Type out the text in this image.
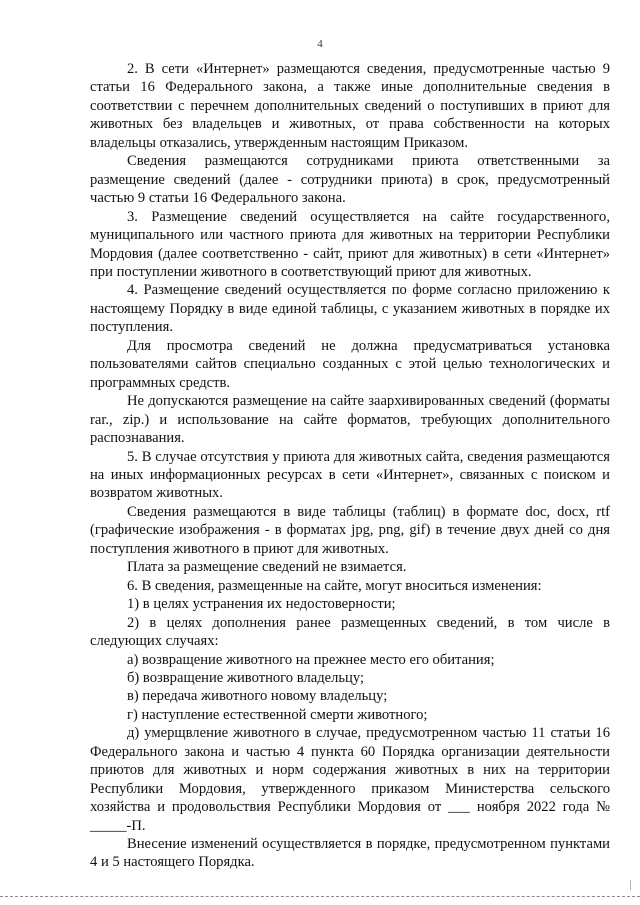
4

2. В сети «Интернет» размещаются сведения, предусмотренные частью 9 статьи 16 Федерального закона, а также иные дополнительные сведения в соответствии с перечнем дополнительных сведений о поступивших в приют для животных без владельцев и животных, от права собственности на которых владельцы отказались, утвержденным настоящим Приказом.

Сведения размещаются сотрудниками приюта ответственными за размещение сведений (далее - сотрудники приюта) в срок, предусмотренный частью 9 статьи 16 Федерального закона.

3. Размещение сведений осуществляется на сайте государственного, муниципального или частного приюта для животных на территории Республики Мордовия (далее соответственно - сайт, приют для животных) в сети «Интернет» при поступлении животного в соответствующий приют для животных.

4. Размещение сведений осуществляется по форме согласно приложению к настоящему Порядку в виде единой таблицы, с указанием животных в порядке их поступления.

Для просмотра сведений не должна предусматриваться установка пользователями сайтов специально созданных с этой целью технологических и программных средств.

Не допускаются размещение на сайте заархивированных сведений (форматы rar., zip.) и использование на сайте форматов, требующих дополнительного распознавания.

5. В случае отсутствия у приюта для животных сайта, сведения размещаются на иных информационных ресурсах в сети «Интернет», связанных с поиском и возвратом животных.

Сведения размещаются в виде таблицы (таблиц) в формате doc, docx, rtf (графические изображения - в форматах jpg, png, gif) в течение двух дней со дня поступления животного в приют для животных.

Плата за размещение сведений не взимается.

6. В сведения, размещенные на сайте, могут вноситься изменения:

1) в целях устранения их недостоверности;

2) в целях дополнения ранее размещенных сведений, в том числе в следующих случаях:

а) возвращение животного на прежнее место его обитания;

б) возвращение животного владельцу;

в) передача животного новому владельцу;

г) наступление естественной смерти животного;

д) умерщвление животного в случае, предусмотренном частью 11 статьи 16 Федерального закона и частью 4 пункта 60 Порядка организации деятельности приютов для животных и норм содержания животных в них на территории Республики Мордовия, утвержденного приказом Министерства сельского хозяйства и продовольствия Республики Мордовия от ___ ноября 2022 года № _____-П.

Внесение изменений осуществляется в порядке, предусмотренном пунктами 4 и 5 настоящего Порядка.
